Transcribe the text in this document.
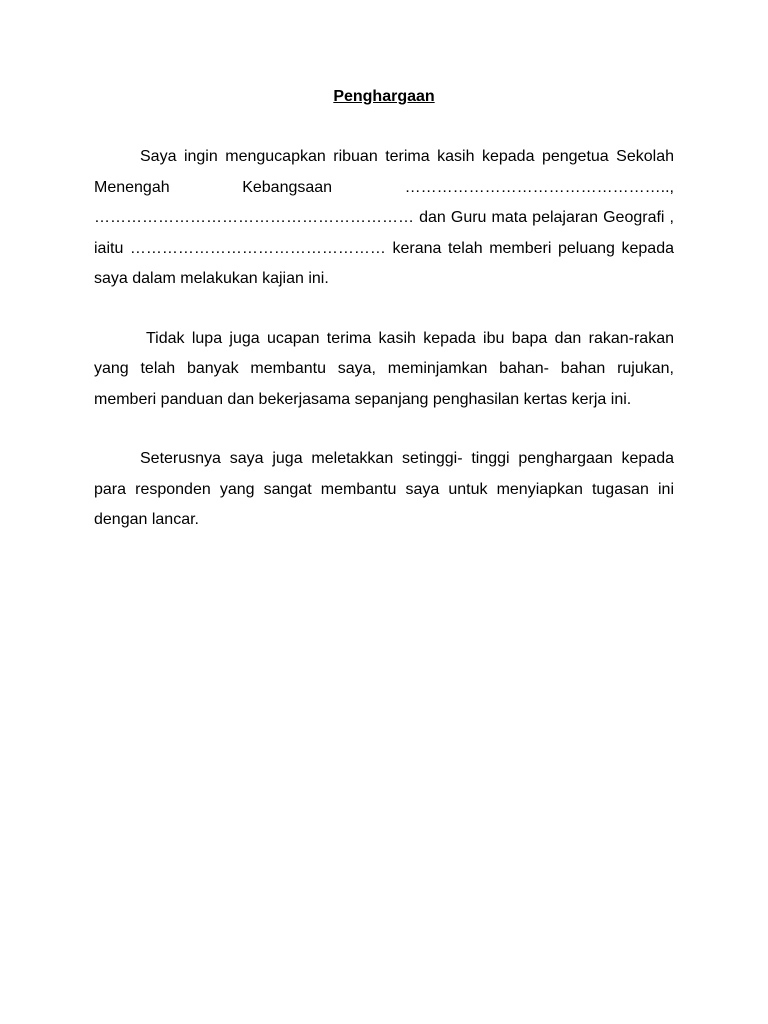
Penghargaan

Saya ingin mengucapkan ribuan terima kasih kepada pengetua Sekolah Menengah Kebangsaan ………………………………………….., …………………………………………………… dan Guru mata pelajaran Geografi , iaitu ………………………………………… kerana telah memberi peluang kepada saya dalam melakukan kajian ini.

Tidak lupa juga ucapan terima kasih kepada ibu bapa dan rakan-rakan yang telah banyak membantu saya, meminjamkan bahan- bahan rujukan, memberi panduan dan bekerjasama sepanjang penghasilan kertas kerja ini.

Seterusnya saya juga meletakkan setinggi- tinggi penghargaan kepada para responden yang sangat membantu saya untuk menyiapkan tugasan ini dengan lancar.
